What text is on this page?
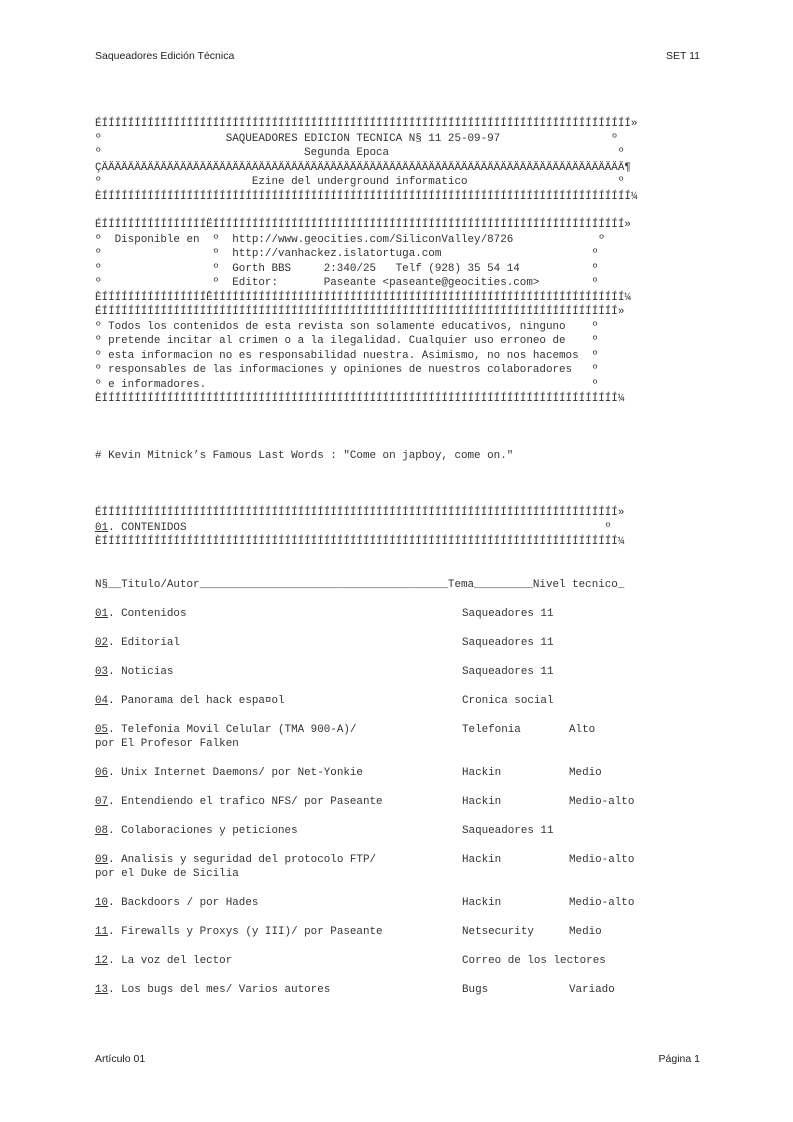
Saqueadores Edición Técnica	SET 11
ÉÍÍÍÍÍÍÍÍÍÍÍÍÍÍÍÍÍÍÍÍÍÍÍÍÍÍÍÍÍÍÍÍÍÍÍÍÍÍÍÍÍÍÍÍÍÍÍÍÍÍÍÍÍÍÍÍÍÍÍÍÍÍÍÍÍÍÍÍÍÍÍÍÍÍÍÍÍÍÍÍÍ»
º                   SAQUEADORES EDICION TECNICA N§ 11 25-09-97                 º
º                               Segunda Epoca                                   º
ÇÄÄÄÄÄÄÄÄÄÄÄÄÄÄÄÄÄÄÄÄÄÄÄÄÄÄÄÄÄÄÄÄÄÄÄÄÄÄÄÄÄÄÄÄÄÄÄÄÄÄÄÄÄÄÄÄÄÄÄÄÄÄÄÄÄÄÄÄÄÄÄÄÄÄÄÄÄÄÄÄ¶
º                       Ezine del underground informatico                       º
ÈÍÍÍÍÍÍÍÍÍÍÍÍÍÍÍÍÍÍÍÍÍÍÍÍÍÍÍÍÍÍÍÍÍÍÍÍÍÍÍÍÍÍÍÍÍÍÍÍÍÍÍÍÍÍÍÍÍÍÍÍÍÍÍÍÍÍÍÍÍÍÍÍÍÍÍÍÍÍÍÍÍ¼
ÉÍÍÍÍÍÍÍÍÍÍÍÍÍÍÍÍËÍÍÍÍÍÍÍÍÍÍÍÍÍÍÍÍÍÍÍÍÍÍÍÍÍÍÍÍÍÍÍÍÍÍÍÍÍÍÍÍÍÍÍÍÍÍÍÍÍÍÍÍÍÍÍÍÍÍÍÍÍÍÍ»
º  Disponible en  º  http://www.geocities.com/SiliconValley/8726             º
º                 º  http://vanhackez.islatortuga.com                       º
º                 º  Gorth BBS     2:340/25   Telf (928) 35 54 14           º
º                 º  Editor:       Paseante <paseante@geocities.com>        º
ÈÍÍÍÍÍÍÍÍÍÍÍÍÍÍÍÍÊÍÍÍÍÍÍÍÍÍÍÍÍÍÍÍÍÍÍÍÍÍÍÍÍÍÍÍÍÍÍÍÍÍÍÍÍÍÍÍÍÍÍÍÍÍÍÍÍÍÍÍÍÍÍÍÍÍÍÍÍÍÍÍ¼
ÉÍÍÍÍÍÍÍÍÍÍÍÍÍÍÍÍÍÍÍÍÍÍÍÍÍÍÍÍÍÍÍÍÍÍÍÍÍÍÍÍÍÍÍÍÍÍÍÍÍÍÍÍÍÍÍÍÍÍÍÍÍÍÍÍÍÍÍÍÍÍÍÍÍÍÍÍÍÍÍ»
º Todos los contenidos de esta revista son solamente educativos, ninguno    º
º pretende incitar al crimen o a la ilegalidad. Cualquier uso erroneo de    º
º esta informacion no es responsabilidad nuestra. Asimismo, no nos hacemos  º
º responsables de las informaciones y opiniones de nuestros colaboradores   º
º e informadores.                                                           º
ÈÍÍÍÍÍÍÍÍÍÍÍÍÍÍÍÍÍÍÍÍÍÍÍÍÍÍÍÍÍÍÍÍÍÍÍÍÍÍÍÍÍÍÍÍÍÍÍÍÍÍÍÍÍÍÍÍÍÍÍÍÍÍÍÍÍÍÍÍÍÍÍÍÍÍÍÍÍÍÍ¼
# Kevin Mitnick’s Famous Last Words : "Come on japboy, come on."
ÉÍÍÍÍÍÍÍÍÍÍÍÍÍÍÍÍÍÍÍÍÍÍÍÍÍÍÍÍÍÍÍÍÍÍÍÍÍÍÍÍÍÍÍÍÍÍÍÍÍÍÍÍÍÍÍÍÍÍÍÍÍÍÍÍÍÍÍÍÍÍÍÍÍÍÍÍÍÍÍ»
01. CONTENIDOS                                                                º
ÈÍÍÍÍÍÍÍÍÍÍÍÍÍÍÍÍÍÍÍÍÍÍÍÍÍÍÍÍÍÍÍÍÍÍÍÍÍÍÍÍÍÍÍÍÍÍÍÍÍÍÍÍÍÍÍÍÍÍÍÍÍÍÍÍÍÍÍÍÍÍÍÍÍÍÍÍÍÍÍ¼
N§__Titulo/Autor______________________________________Tema_________Nivel tecnico_
01. Contenidos	Saqueadores 11
02. Editorial	Saqueadores 11
03. Noticias	Saqueadores 11
04. Panorama del hack espa¤ol	Cronica social
05. Telefonia Movil Celular (TMA 900-A)/	Telefonia	Alto
por El Profesor Falken
06. Unix Internet Daemons/ por Net-Yonkie	Hackin	Medio
07. Entendiendo el trafico NFS/ por Paseante	Hackin	Medio-alto
08. Colaboraciones y peticiones	Saqueadores 11
09. Analisis y seguridad del protocolo FTP/	Hackin	Medio-alto
por el Duke de Sicilia
10. Backdoors / por Hades	Hackin	Medio-alto
11. Firewalls y Proxys (y III)/ por Paseante	Netsecurity	Medio
12. La voz del lector	Correo de los lectores
13. Los bugs del mes/ Varios autores	Bugs	Variado
Artículo 01	Página 1
